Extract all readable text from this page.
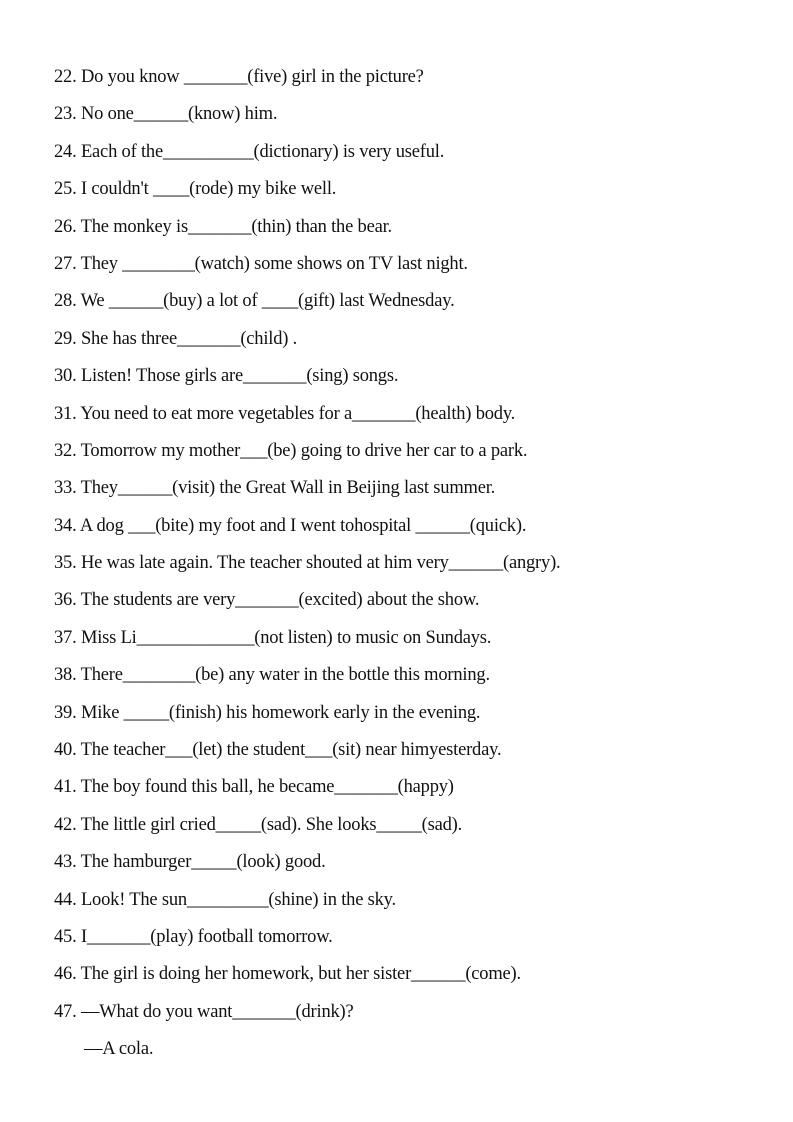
22. Do you know _______(five) girl in the picture?
23. No one______(know) him.
24. Each of the__________(dictionary) is very useful.
25. I couldn't ____(rode) my bike well.
26. The monkey is_______(thin) than the bear.
27. They ________(watch) some shows on TV last night.
28. We ______(buy) a lot of ____(gift) last Wednesday.
29. She has three_______(child) .
30. Listen! Those girls are_______(sing) songs.
31. You need to eat more vegetables for a_______(health) body.
32. Tomorrow my mother___(be) going to drive her car to a park.
33. They______(visit) the Great Wall in Beijing last summer.
34. A dog ___(bite) my foot and I went tohospital ______(quick).
35. He was late again. The teacher shouted at him very______(angry).
36. The students are very_______(excited) about the show.
37. Miss Li_____________(not listen) to music on Sundays.
38. There________(be) any water in the bottle this morning.
39. Mike _____(finish) his homework early in the evening.
40. The teacher___(let) the student___(sit) near himyesterday.
41. The boy found this ball, he became_______(happy)
42. The little girl cried_____(sad). She looks_____(sad).
43. The hamburger_____(look) good.
44. Look! The sun_________(shine) in the sky.
45. I_______(play) football tomorrow.
46. The girl is doing her homework, but her sister______(come).
47. —What do you want_______(drink)?
—A cola.
